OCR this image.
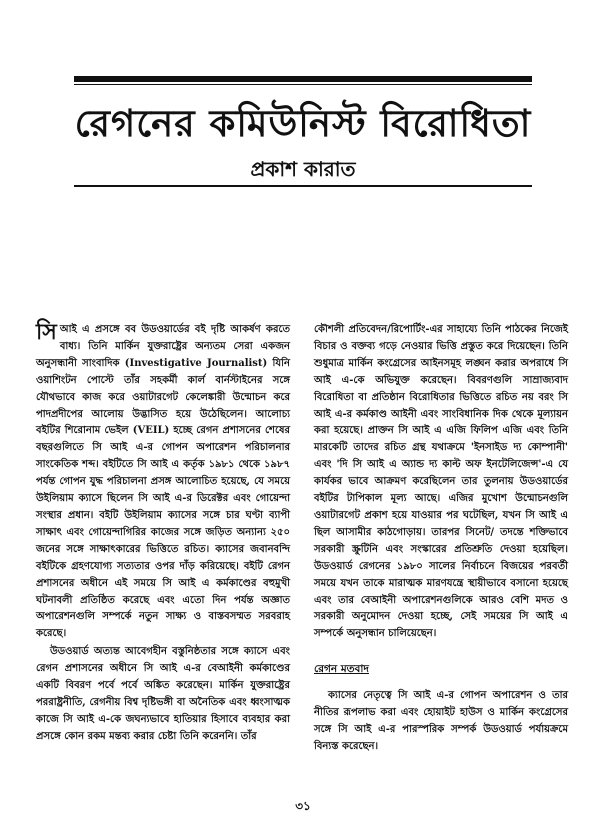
রেগনের কমিউনিস্ট বিরোধিতা
প্রকাশ কারাত

সিআই এ প্রসঙ্গে বব উডওয়ার্ডের বই দৃষ্টি আকর্ষণ করতে বাধ্য। তিনি মার্কিন যুক্তরাষ্ট্রের অন্যতম সেরা একজন অনুসন্ধানী সাংবাদিক (Investigative Journalist) যিনি ওয়াশিংটন পোস্টে তাঁর সহকর্মী কার্ল বার্নস্টাইনের সঙ্গে যৌথভাবে কাজ করে ওয়াটারগেট কেলেঙ্কারী উন্মোচন করে পাদপ্রদীপের আলোয় উদ্ভাসিত হয়ে উঠেছিলেন। আলোচ্য বইটির শিরোনাম ভেইল (VEIL) হচ্ছে রেগন প্রশাসনের শেষের বছরগুলিতে সি আই এ-র গোপন অপারেশন পরিচালনার সাংকেতিক শব্দ। বইটিতে সি আই এ কর্তৃক ১৯৮১ থেকে ১৯৮৭ পর্যন্ত গোপন যুদ্ধ পরিচালনা প্রসঙ্গ আলোচিত হয়েছে, যে সময়ে উইলিয়াম ক্যাসে ছিলেন সি আই এ-র ডিরেক্টর এবং গোয়েন্দা সংস্থার প্রধান। বইটি উইলিয়াম ক্যাসের সঙ্গে চার ঘণ্টা ব্যাপী সাক্ষাৎ এবং গোয়েন্দাগিরির কাজের সঙ্গে জড়িত অন্যান্য ২৫০ জনের সঙ্গে সাক্ষাৎকারের ভিত্তিতে রচিত। ক্যাসের জবানবন্দি বইটিকে গ্রহণযোগ্য সত্যতার ওপর দাঁড় করিয়েছে। বইটি রেগন প্রশাসনের অধীনে এই সময়ে সি আই এ কর্মকাণ্ডের বহুমুখী ঘটনাবলী প্রতিষ্ঠিত করেছে এবং এতো দিন পর্যন্ত অজ্ঞাত অপারেশনগুলি সম্পর্কে নতুন সাক্ষ্য ও বাস্তবসম্মত সরবরাহ করেছে।

উডওয়ার্ড অত্যন্ত আবেগহীন বস্তুনিষ্ঠতার সঙ্গে ক্যাসে এবং রেগন প্রশাসনের অধীনে সি আই এ-র বেআইনী কর্মকাণ্ডের একটি বিবরণ পর্বে পর্বে অঙ্কিত করেছেন। মার্কিন যুক্তরাষ্ট্রের পররাষ্ট্রনীতি, রেগনীয় বিশ্ব দৃষ্টিভঙ্গী বা অনৈতিক এবং ধ্বংসাত্মক কাজে সি আই এ-কে জঘন্যভাবে হাতিয়ার হিসাবে ব্যবহার করা প্রসঙ্গে কোন রকম মন্তব্য করার চেষ্টা তিনি করেননি। তাঁর

কৌশলী প্রতিবেদন/রিপোর্টিং-এর সাহায্যে তিনি পাঠকের নিজেই বিচার ও বক্তব্য গড়ে নেওয়ার ভিত্তি প্রস্তুত করে দিয়েছেন। তিনি শুধুমাত্র মার্কিন কংগ্রেসের আইনসমূহ লঙ্ঘন করার অপরাধে সি আই এ-কে অভিযুক্ত করেছেন। বিবরণগুলি সাম্রাজ্যবাদ বিরোধিতা বা প্রতিষ্ঠান বিরোধিতার ভিত্তিতে রচিত নয় বরং সি আই এ-র কর্মকাণ্ড আইনী এবং সাংবিধানিক দিক থেকে মূল্যায়ন করা হয়েছে। প্রাক্তন সি আই এ এজি ফিলিপ এজি এবং তিনি মারকেটি তাদের রচিত গ্রন্থ যথাক্রমে 'ইনসাইড দ্য কোম্পানী' এবং 'দি সি আই এ অ্যান্ড দ্য কাল্ট অফ ইনটেলিজেন্স'-এ যে কার্যকর ভাবে আক্রমণ করেছিলেন তার তুলনায় উডওয়ার্ডের বইটির টাপিকাল মূল্য আছে। এজির মুখোশ উন্মোচনগুলি ওয়াটারগেট প্রকাশ হয়ে যাওয়ার পর ঘটেছিল, যখন সি আই এ ছিল আসামীর কাঠগোড়ায়। তারপর সিনেট/ তদন্তে শক্তিভাবে সরকারী স্ক্রুটিনি এবং সংস্কারের প্রতিশ্রুতি দেওয়া হয়েছিল। উডওয়ার্ড রেগনের ১৯৮০ সালের নির্বাচনে বিজয়ের পরবর্তী সময়ে যখন তাকে মারাত্মক মারণযন্ত্রে স্থায়ীভাবে বসানো হয়েছে এবং তার বেআইনী অপারেশনগুলিকে আরও বেশি মদত ও সরকারী অনুমোদন দেওয়া হচ্ছে, সেই সময়ের সি আই এ সম্পর্কে অনুসন্ধান চালিয়েছেন।

রেগন মতবাদ

ক্যাসের নেতৃত্বে সি আই এ-র গোপন অপারেশন ও তার নীতির রূপলাভ করা এবং হোয়াইট হাউস ও মার্কিন কংগ্রেসের সঙ্গে সি আই এ-র পারস্পরিক সম্পর্ক উডওয়ার্ড পর্যায়ক্রমে বিন্যস্ত করেছেন।

৩১
